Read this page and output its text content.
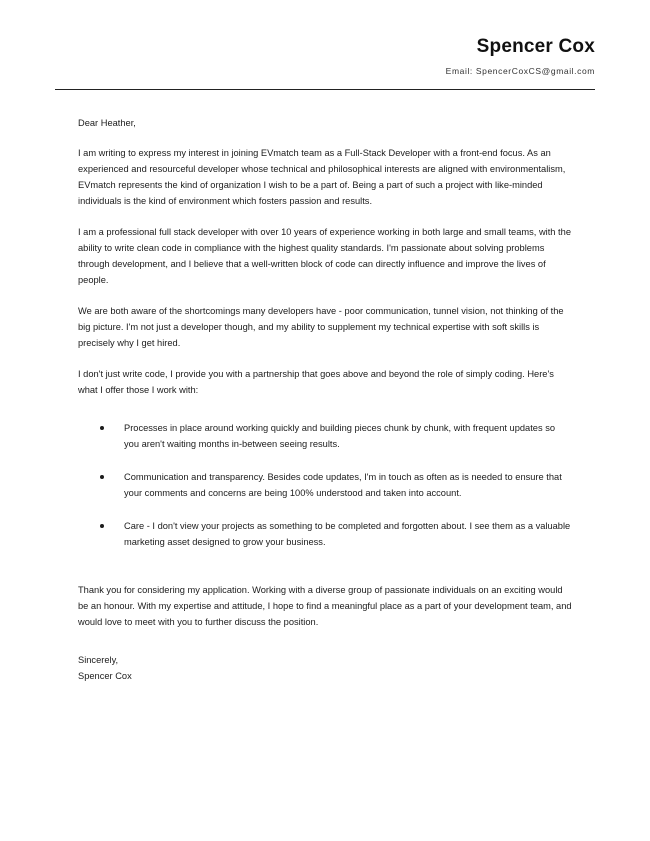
Spencer Cox
Email: SpencerCoxCS@gmail.com
Dear Heather,

I am writing to express my interest in joining EVmatch team as a Full-Stack Developer with a front-end focus. As an experienced and resourceful developer whose technical and philosophical interests are aligned with environmentalism, EVmatch represents the kind of organization I wish to be a part of. Being a part of such a project with like-minded individuals is the kind of environment which fosters passion and results.

I am a professional full stack developer with over 10 years of experience working in both large and small teams, with the ability to write clean code in compliance with the highest quality standards. I'm passionate about solving problems through development, and I believe that a well-written block of code can directly influence and improve the lives of people.

We are both aware of the shortcomings many developers have - poor communication, tunnel vision, not thinking of the big picture. I'm not just a developer though, and my ability to supplement my technical expertise with soft skills is precisely why I get hired.

I don't just write code, I provide you with a partnership that goes above and beyond the role of simply coding. Here's what I offer those I work with:

Processes in place around working quickly and building pieces chunk by chunk, with frequent updates so you aren't waiting months in-between seeing results.
Communication and transparency. Besides code updates, I'm in touch as often as is needed to ensure that your comments and concerns are being 100% understood and taken into account.
Care - I don't view your projects as something to be completed and forgotten about. I see them as a valuable marketing asset designed to grow your business.

Thank you for considering my application. Working with a diverse group of passionate individuals on an exciting would be an honour. With my expertise and attitude, I hope to find a meaningful place as a part of your development team, and would love to meet with you to further discuss the position.

Sincerely,

Spencer Cox
